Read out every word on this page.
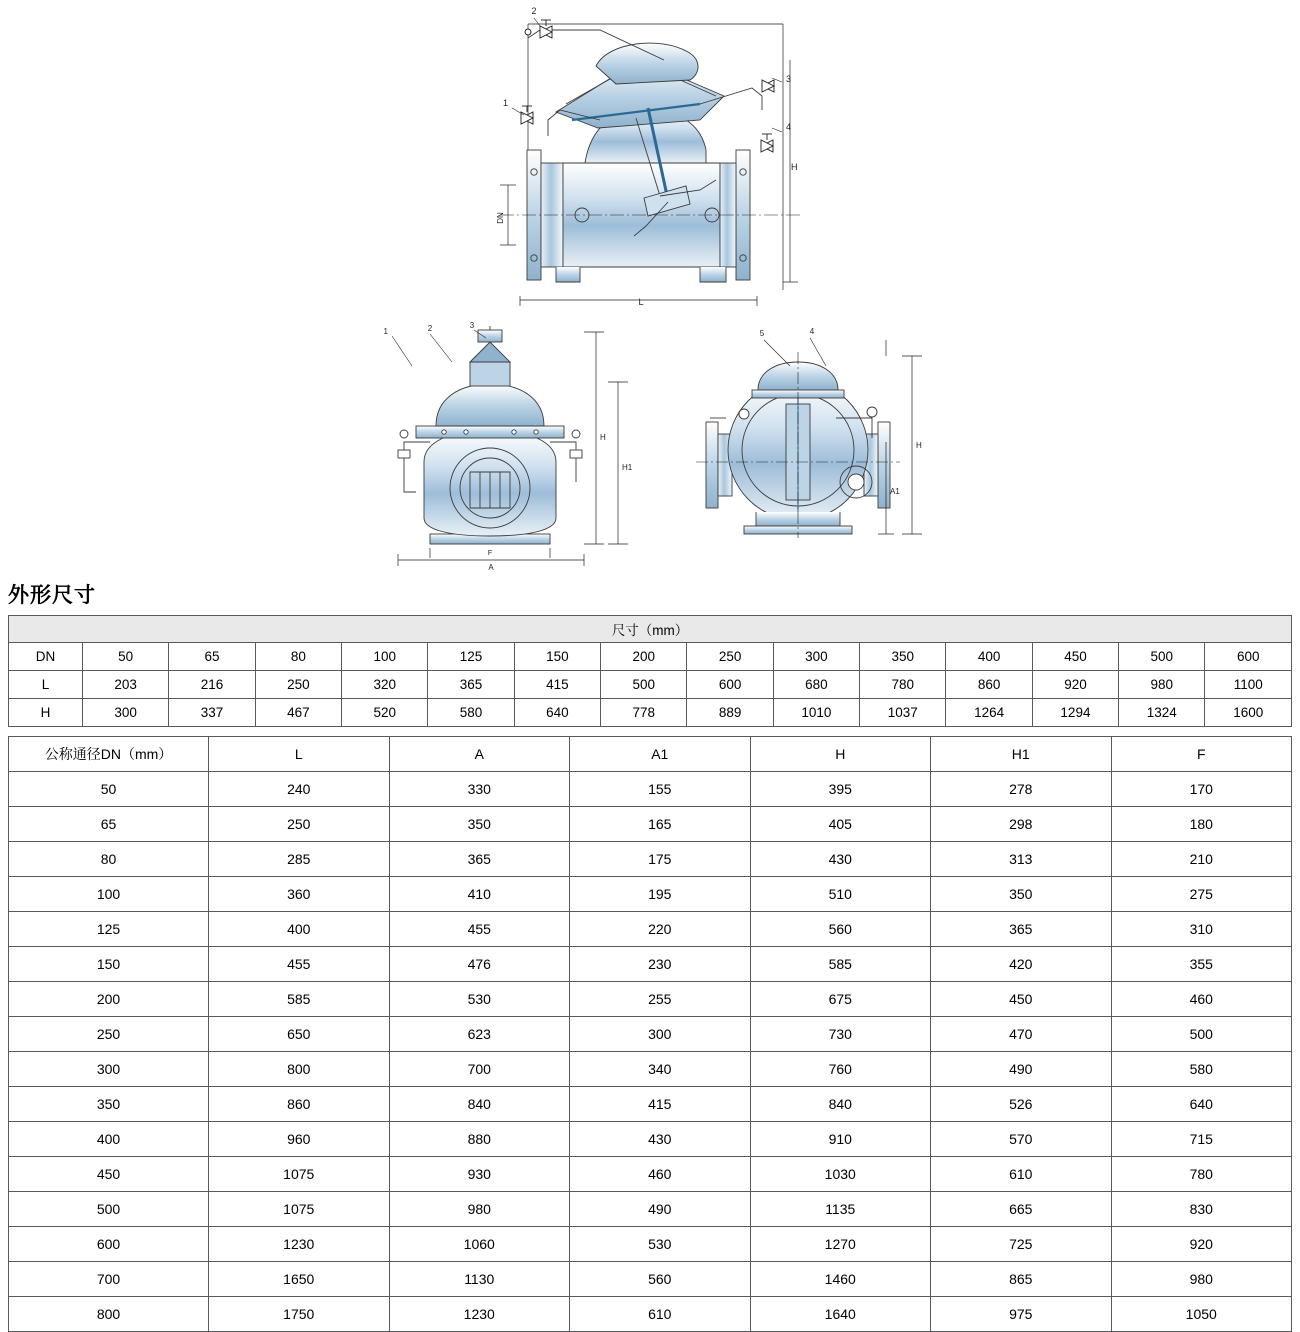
L
H
DN
1
2
3
4
H
H1
A
F
1	2	3
H
A1
5	4
外形尺寸
尺寸（mm）														
DN	50	65	80	100	125	150	200	250	300	350	400	450	500	600
L	203	216	250	320	365	415	500	600	680	780	860	920	980	1100
H	300	337	467	520	580	640	778	889	1010	1037	1264	1294	1324	1600
公称通径DN（mm）	L	A	A1	H	H1	F
50	240	330	155	395	278	170
65	250	350	165	405	298	180
80	285	365	175	430	313	210
100	360	410	195	510	350	275
125	400	455	220	560	365	310
150	455	476	230	585	420	355
200	585	530	255	675	450	460
250	650	623	300	730	470	500
300	800	700	340	760	490	580
350	860	840	415	840	526	640
400	960	880	430	910	570	715
450	1075	930	460	1030	610	780
500	1075	980	490	1135	665	830
600	1230	1060	530	1270	725	920
700	1650	1130	560	1460	865	980
800	1750	1230	610	1640	975	1050
